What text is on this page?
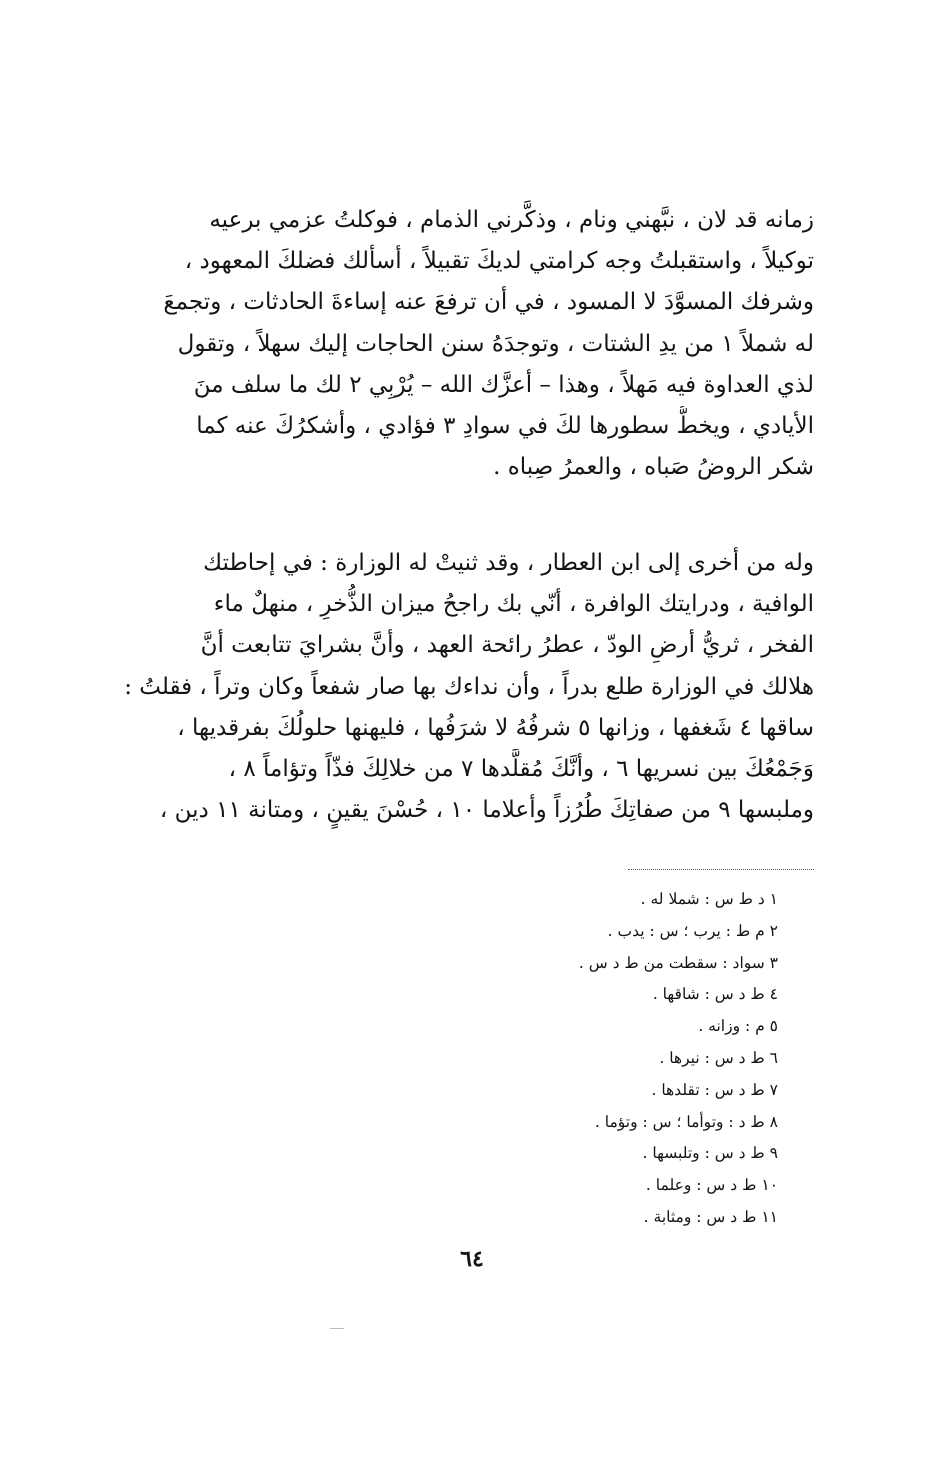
زمانه قد لان ، نبَّهني ونام ، وذكَّرني الذمام ، فوكلتُ عزمي برعيه
توكيلاً ، واستقبلتُ وجه كرامتي لديكَ تقبيلاً ، أسألك فضلكَ المعهود ،
وشرفك المسوَّدَ لا المسود ، في أن ترفعَ عنه إساءةَ الحادثات ، وتجمعَ
له شملاً ١ من يدِ الشتات ، وتوجدَهُ سنن الحاجات إليك سهلاً ، وتقول
لذي العداوة فيه مَهلاً ، وهذا – أعزَّك الله – يُرْبِي ٢ لك ما سلف منَ
الأيادي ، ويخطُّ سطورها لكَ في سوادِ ٣ فؤادي ، وأشكرُكَ عنه كما
شكر الروضُ صَباه ، والعمرُ صِباه .
وله من أخرى إلى ابن العطار ، وقد ثنيتْ له الوزارة : في إحاطتك
الوافية ، ودرايتك الوافرة ، أنّي بك راجحُ ميزان الذُّخرِ ، منهلٌ ماء
الفخر ، ثريُّ أرضِ الودّ ، عطرُ رائحة العهد ، وأنَّ بشرايَ تتابعت أنَّ
هلالك في الوزارة طلع بدراً ، وأن نداءك بها صار شفعاً وكان وتراً ، فقلتُ :
ساقها ٤ شَغفها ، وزانها ٥ شرفُهُ لا شرَفُها ، فليهنها حلولُكَ بفرقديها ،
وَجَمْعُكَ بين نسريها ٦ ، وأنَّكَ مُقلَّدها ٧ من خلالِكَ فذّاً وتؤاماً ٨ ،
وملبسها ٩ من صفاتِكَ طُرُزاً وأعلاما ١٠ ، حُسْنَ يقينٍ ، ومتانة ١١ دين ،
١ د ط س : شملا له .
٢ م ط : يرب ؛ س : يدب .
٣ سواد : سقطت من ط د س .
٤ ط د س : شاقها .
٥ م : وزانه .
٦ ط د س : نيرها .
٧ ط د س : تقلدها .
٨ ط د : وتوأما ؛ س : وتؤما .
٩ ط د س : وتلبسها .
١٠ ط د س : وعلما .
١١ ط د س : ومثابة .
٦٤
